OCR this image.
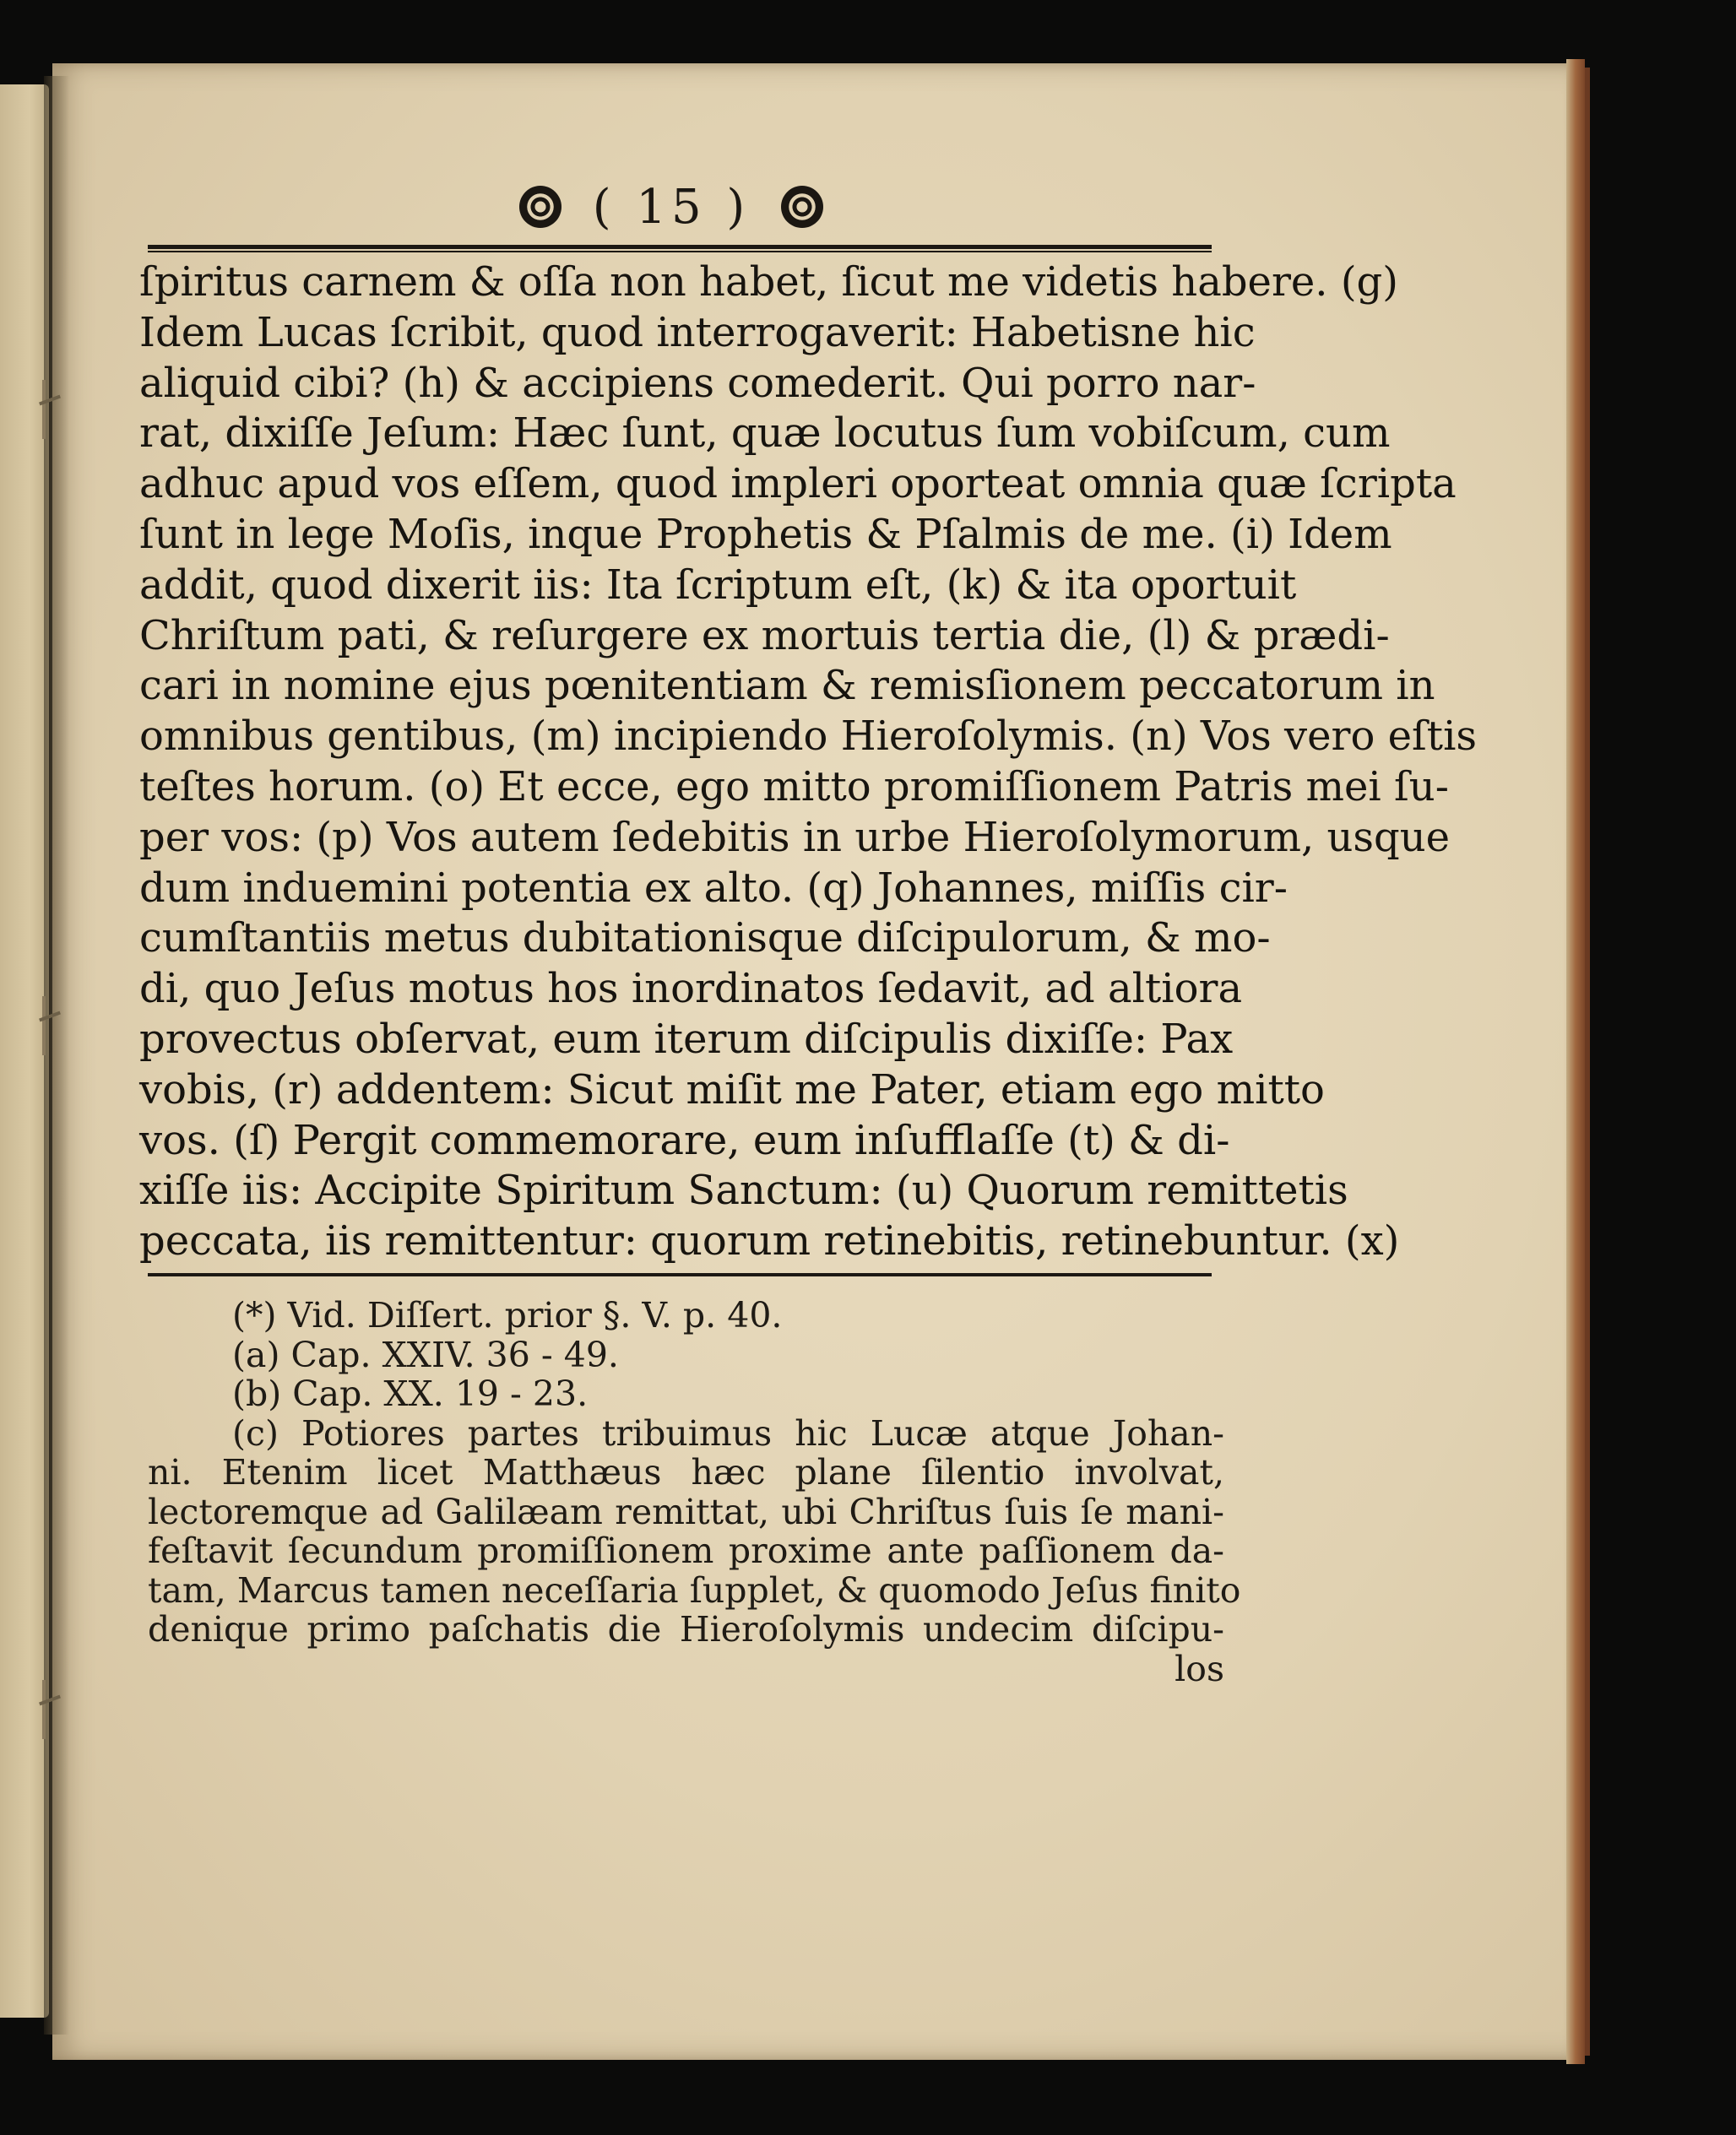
( 15 )
ſpiritus carnem & oſſa non habet, ſicut me videtis habere. (g)
Idem Lucas ſcribit, quod interrogaverit: Habetisne hic
aliquid cibi? (h) & accipiens comederit. Qui porro nar-
rat, dixiſſe Jeſum: Hæc ſunt, quæ locutus ſum vobiſcum, cum
adhuc apud vos eſſem, quod impleri oporteat omnia quæ ſcripta
ſunt in lege Moſis, inque Prophetis & Pſalmis de me. (i) Idem
addit, quod dixerit iis: Ita ſcriptum eſt, (k) & ita oportuit
Chriſtum pati, & reſurgere ex mortuis tertia die, (l) & prædi-
cari in nomine ejus pœnitentiam & remisſionem peccatorum in
omnibus gentibus, (m) incipiendo Hieroſolymis. (n) Vos vero eſtis
teſtes horum. (o) Et ecce, ego mitto promiſſionem Patris mei ſu-
per vos: (p) Vos autem ſedebitis in urbe Hieroſolymorum, usque
dum induemini potentia ex alto. (q) Johannes, miſſis cir-
cumſtantiis metus dubitationisque diſcipulorum, & mo-
di, quo Jeſus motus hos inordinatos ſedavit, ad altiora
provectus obſervat, eum iterum diſcipulis dixiſſe: Pax
vobis, (r) addentem: Sicut miſit me Pater, etiam ego mitto
vos. (ſ) Pergit commemorare, eum inſufflaſſe (t) & di-
xiſſe iis: Accipite Spiritum Sanctum: (u) Quorum remittetis
peccata, iis remittentur: quorum retinebitis, retinebuntur. (x)
(*) Vid. Diſſert. prior §. V. p. 40.
(a) Cap. XXIV. 36 - 49.
(b) Cap. XX. 19 - 23.
(c) Potiores partes tribuimus hic Lucæ atque Johan-
ni. Etenim licet Matthæus hæc plane ſilentio involvat,
lectoremque ad Galilæam remittat, ubi Chriſtus ſuis ſe mani-
feſtavit ſecundum promiſſionem proxime ante paſſionem da-
tam, Marcus tamen neceſſaria ſupplet, & quomodo Jeſus finito
denique primo paſchatis die Hieroſolymis undecim diſcipu-
los
